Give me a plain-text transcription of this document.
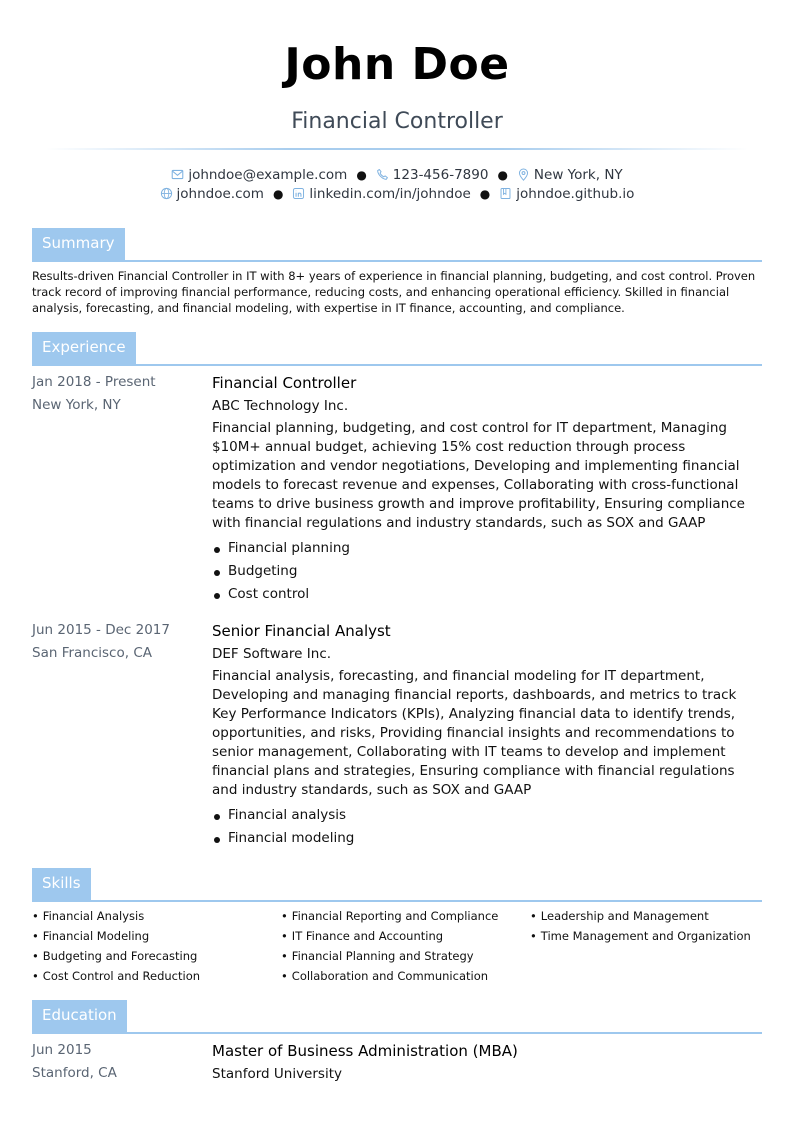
John Doe
Financial Controller
johndoe@example.com ● 123-456-7890 ● New York, NY
johndoe.com ● linkedin.com/in/johndoe ● johndoe.github.io
Summary
Results-driven Financial Controller in IT with 8+ years of experience in financial planning, budgeting, and cost control. Proven track record of improving financial performance, reducing costs, and enhancing operational efficiency. Skilled in financial analysis, forecasting, and financial modeling, with expertise in IT finance, accounting, and compliance.
Experience
Jan 2018 - Present
New York, NY
Financial Controller
ABC Technology Inc.
Financial planning, budgeting, and cost control for IT department, Managing $10M+ annual budget, achieving 15% cost reduction through process optimization and vendor negotiations, Developing and implementing financial models to forecast revenue and expenses, Collaborating with cross-functional teams to drive business growth and improve profitability, Ensuring compliance with financial regulations and industry standards, such as SOX and GAAP
Financial planning
Budgeting
Cost control
Jun 2015 - Dec 2017
San Francisco, CA
Senior Financial Analyst
DEF Software Inc.
Financial analysis, forecasting, and financial modeling for IT department, Developing and managing financial reports, dashboards, and metrics to track Key Performance Indicators (KPIs), Analyzing financial data to identify trends, opportunities, and risks, Providing financial insights and recommendations to senior management, Collaborating with IT teams to develop and implement financial plans and strategies, Ensuring compliance with financial regulations and industry standards, such as SOX and GAAP
Financial analysis
Financial modeling
Skills
• Financial Analysis
• Financial Modeling
• Budgeting and Forecasting
• Cost Control and Reduction
• Financial Reporting and Compliance
• IT Finance and Accounting
• Financial Planning and Strategy
• Collaboration and Communication
• Leadership and Management
• Time Management and Organization
Education
Jun 2015
Stanford, CA
Master of Business Administration (MBA)
Stanford University
